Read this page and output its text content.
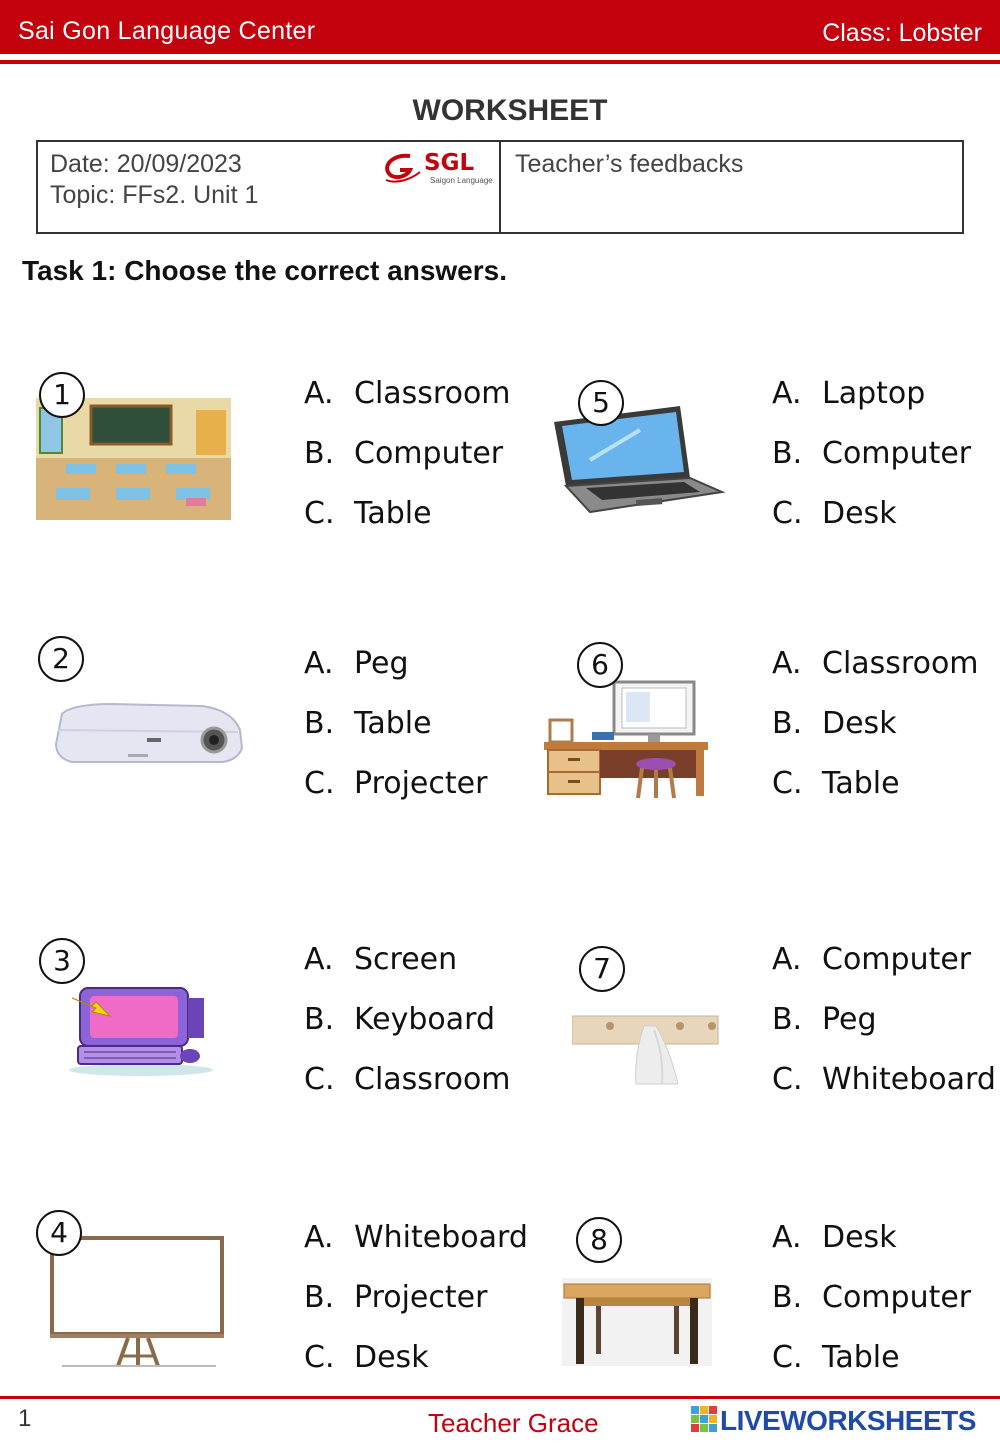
Sai Gon Language Center	Class: Lobster
WORKSHEET
Date: 20/09/2023
Topic: FFs2. Unit 1
Teacher’s feedbacks
SGL
Saigon Language
Task 1: Choose the correct answers.
1	A. Classroom
B. Computer
C. Table
2	A. Peg
B. Table
C. Projecter
3	A. Screen
B. Keyboard
C. Classroom
4	A. Whiteboard
B. Projecter
C. Desk
5	A. Laptop
B. Computer
C. Desk
6	A. Classroom
B. Desk
C. Table
7	A. Computer
B. Peg
C. Whiteboard
8	A. Desk
B. Computer
C. Table
1	Teacher Grace	LIVEWORKSHEETS
